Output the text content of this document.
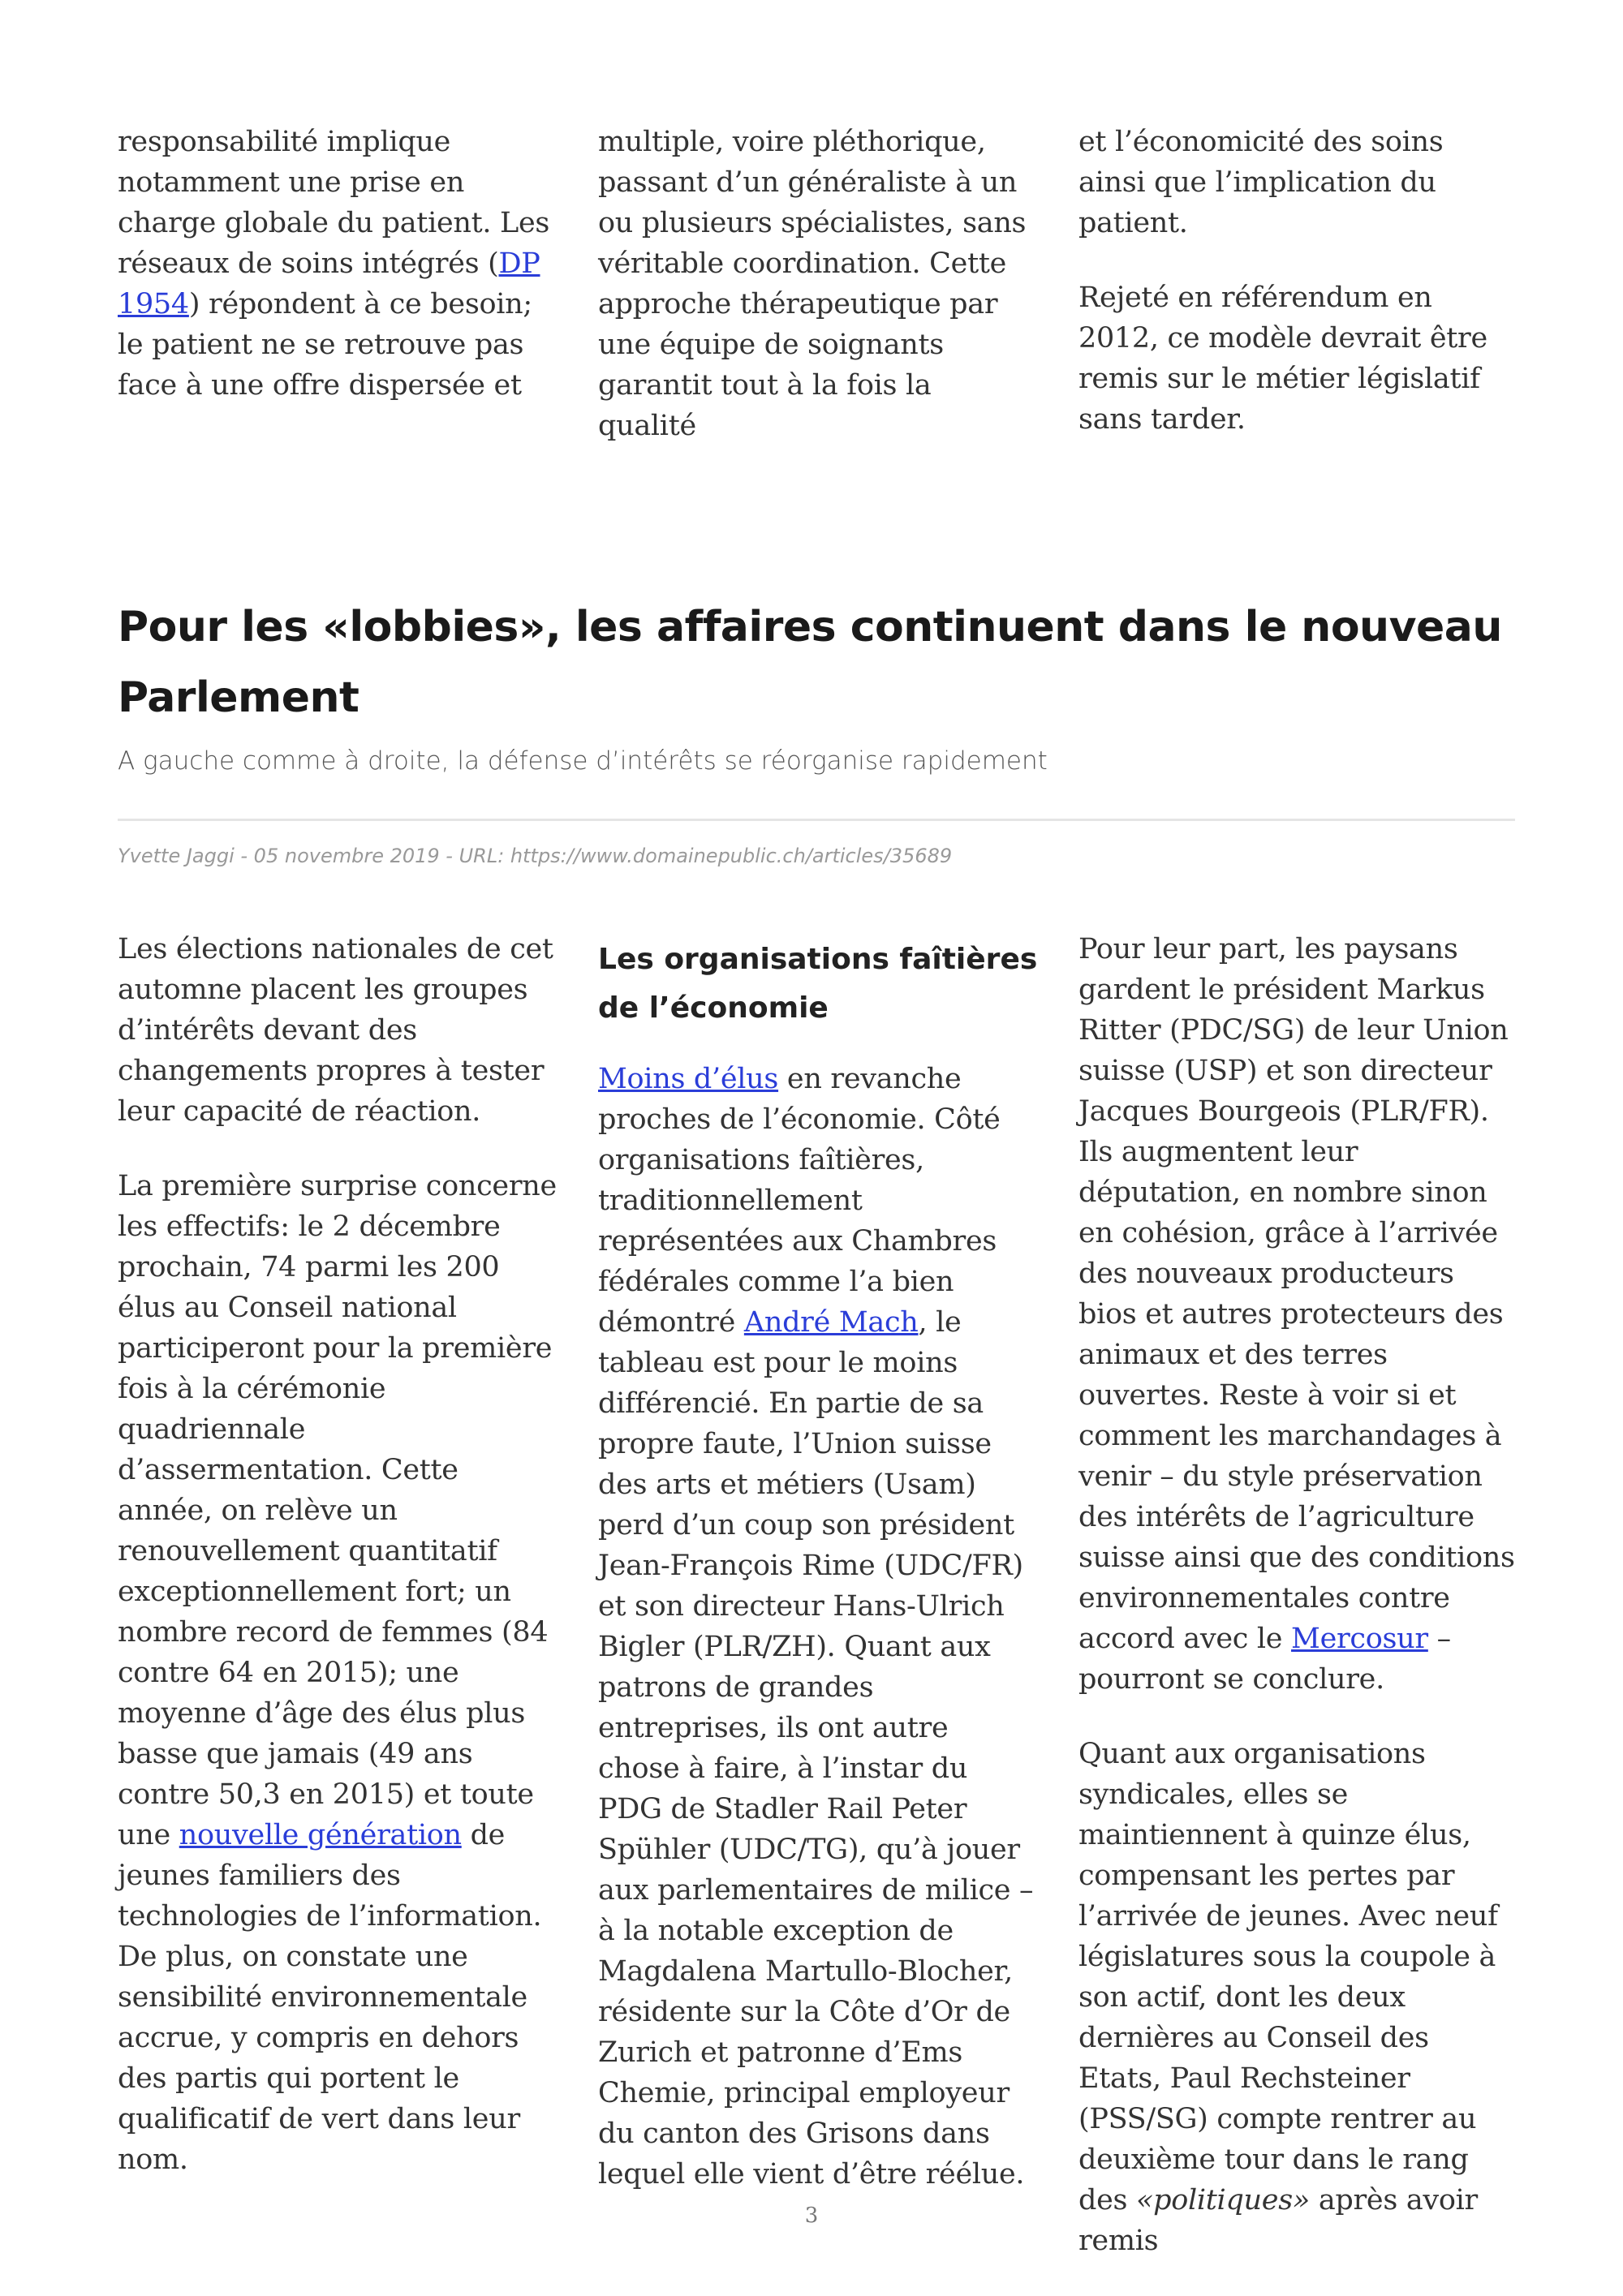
responsabilité implique notamment une prise en charge globale du patient. Les réseaux de soins intégrés (DP 1954) répondent à ce besoin; le patient ne se retrouve pas face à une offre dispersée et

multiple, voire pléthorique, passant d’un généraliste à un ou plusieurs spécialistes, sans véritable coordination. Cette approche thérapeutique par une équipe de soignants garantit tout à la fois la qualité

et l’économicité des soins ainsi que l’implication du patient.

Rejeté en référendum en 2012, ce modèle devrait être remis sur le métier législatif sans tarder.

Pour les «lobbies», les affaires continuent dans le nouveau Parlement

A gauche comme à droite, la défense d’intérêts se réorganise rapidement

Yvette Jaggi - 05 novembre 2019 - URL: https://www.domainepublic.ch/articles/35689

Les élections nationales de cet automne placent les groupes d’intérêts devant des changements propres à tester leur capacité de réaction.

La première surprise concerne les effectifs: le 2 décembre prochain, 74 parmi les 200 élus au Conseil national participeront pour la première fois à la cérémonie quadriennale d’assermentation. Cette année, on relève un renouvellement quantitatif exceptionnellement fort; un nombre record de femmes (84 contre 64 en 2015); une moyenne d’âge des élus plus basse que jamais (49 ans contre 50,3 en 2015) et toute une nouvelle génération de jeunes familiers des technologies de l’information. De plus, on constate une sensibilité environnementale accrue, y compris en dehors des partis qui portent le qualificatif de vert dans leur nom.

Les organisations faîtières de l’économie

Moins d’élus en revanche proches de l’économie. Côté organisations faîtières, traditionnellement représentées aux Chambres fédérales comme l’a bien démontré André Mach, le tableau est pour le moins différencié. En partie de sa propre faute, l’Union suisse des arts et métiers (Usam) perd d’un coup son président Jean-François Rime (UDC/FR) et son directeur Hans-Ulrich Bigler (PLR/ZH). Quant aux patrons de grandes entreprises, ils ont autre chose à faire, à l’instar du PDG de Stadler Rail Peter Spühler (UDC/TG), qu’à jouer aux parlementaires de milice – à la notable exception de Magdalena Martullo-Blocher, résidente sur la Côte d’Or de Zurich et patronne d’Ems Chemie, principal employeur du canton des Grisons dans lequel elle vient d’être réélue.

Pour leur part, les paysans gardent le président Markus Ritter (PDC/SG) de leur Union suisse (USP) et son directeur Jacques Bourgeois (PLR/FR). Ils augmentent leur députation, en nombre sinon en cohésion, grâce à l’arrivée des nouveaux producteurs bios et autres protecteurs des animaux et des terres ouvertes. Reste à voir si et comment les marchandages à venir – du style préservation des intérêts de l’agriculture suisse ainsi que des conditions environnementales contre accord avec le Mercosur – pourront se conclure.

Quant aux organisations syndicales, elles se maintiennent à quinze élus, compensant les pertes par l’arrivée de jeunes. Avec neuf législatures sous la coupole à son actif, dont les deux dernières au Conseil des Etats, Paul Rechsteiner (PSS/SG) compte rentrer au deuxième tour dans le rang des «politiques» après avoir remis

3
